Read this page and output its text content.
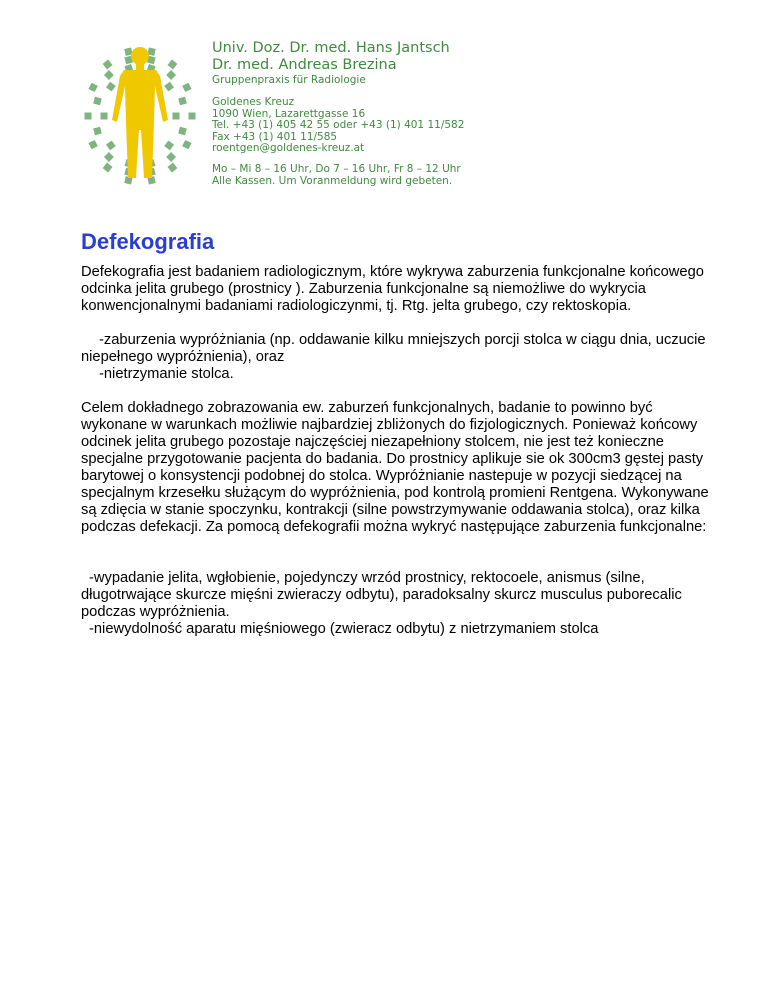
Univ. Doz. Dr. med. Hans Jantsch

Dr. med. Andreas Brezina

Gruppenpraxis für Radiologie

Goldenes Kreuz

1090 Wien, Lazarettgasse 16

Tel. +43 (1) 405 42 55 oder +43 (1) 401 11/582

Fax +43 (1) 401 11/585

roentgen@goldenes-kreuz.at

Mo – Mi 8 – 16 Uhr, Do 7 – 16 Uhr, Fr 8 – 12 Uhr

Alle Kassen. Um Voranmeldung wird gebeten.

Defekografia

Defekografia jest badaniem radiologicznym, które wykrywa zaburzenia funkcjonalne końcowego odcinka jelita grubego (prostnicy ). Zaburzenia funkcjonalne są niemożliwe do wykrycia konwencjonalnymi badaniami radiologiczynmi, tj. Rtg. jelta grubego, czy rektoskopia.

-zaburzenia wypróżniania (np. oddawanie kilku mniejszych porcji stolca w ciągu dnia, uczucie niepełnego wypróżnienia), oraz

-nietrzymanie stolca.

Celem dokładnego zobrazowania ew. zaburzeń funkcjonalnych, badanie to powinno być wykonane w warunkach możliwie najbardziej zbliżonych do fizjologicznych. Ponieważ końcowy odcinek jelita grubego pozostaje najczęściej niezapełniony stolcem, nie jest też konieczne specjalne przygotowanie pacjenta do badania. Do prostnicy aplikuje sie ok 300cm3 gęstej pasty barytowej o konsystencji podobnej do stolca. Wypróżnianie nastepuje w pozycji siedzącej na specjalnym krzesełku służącym do wypróżnienia, pod kontrolą promieni Rentgena. Wykonywane są zdięcia w stanie spoczynku, kontrakcji (silne powstrzymywanie oddawania stolca), oraz kilka podczas defekacji. Za pomocą defekografii można wykryć następujące zaburzenia funkcjonalne:

-wypadanie jelita, wgłobienie, pojedynczy wrzód prostnicy, rektocoele, anismus (silne, długotrwające skurcze mięśni zwieraczy odbytu), paradoksalny skurcz musculus puborecalic podczas wypróżnienia.

-niewydolność aparatu mięśniowego (zwieracz odbytu) z nietrzymaniem stolca
